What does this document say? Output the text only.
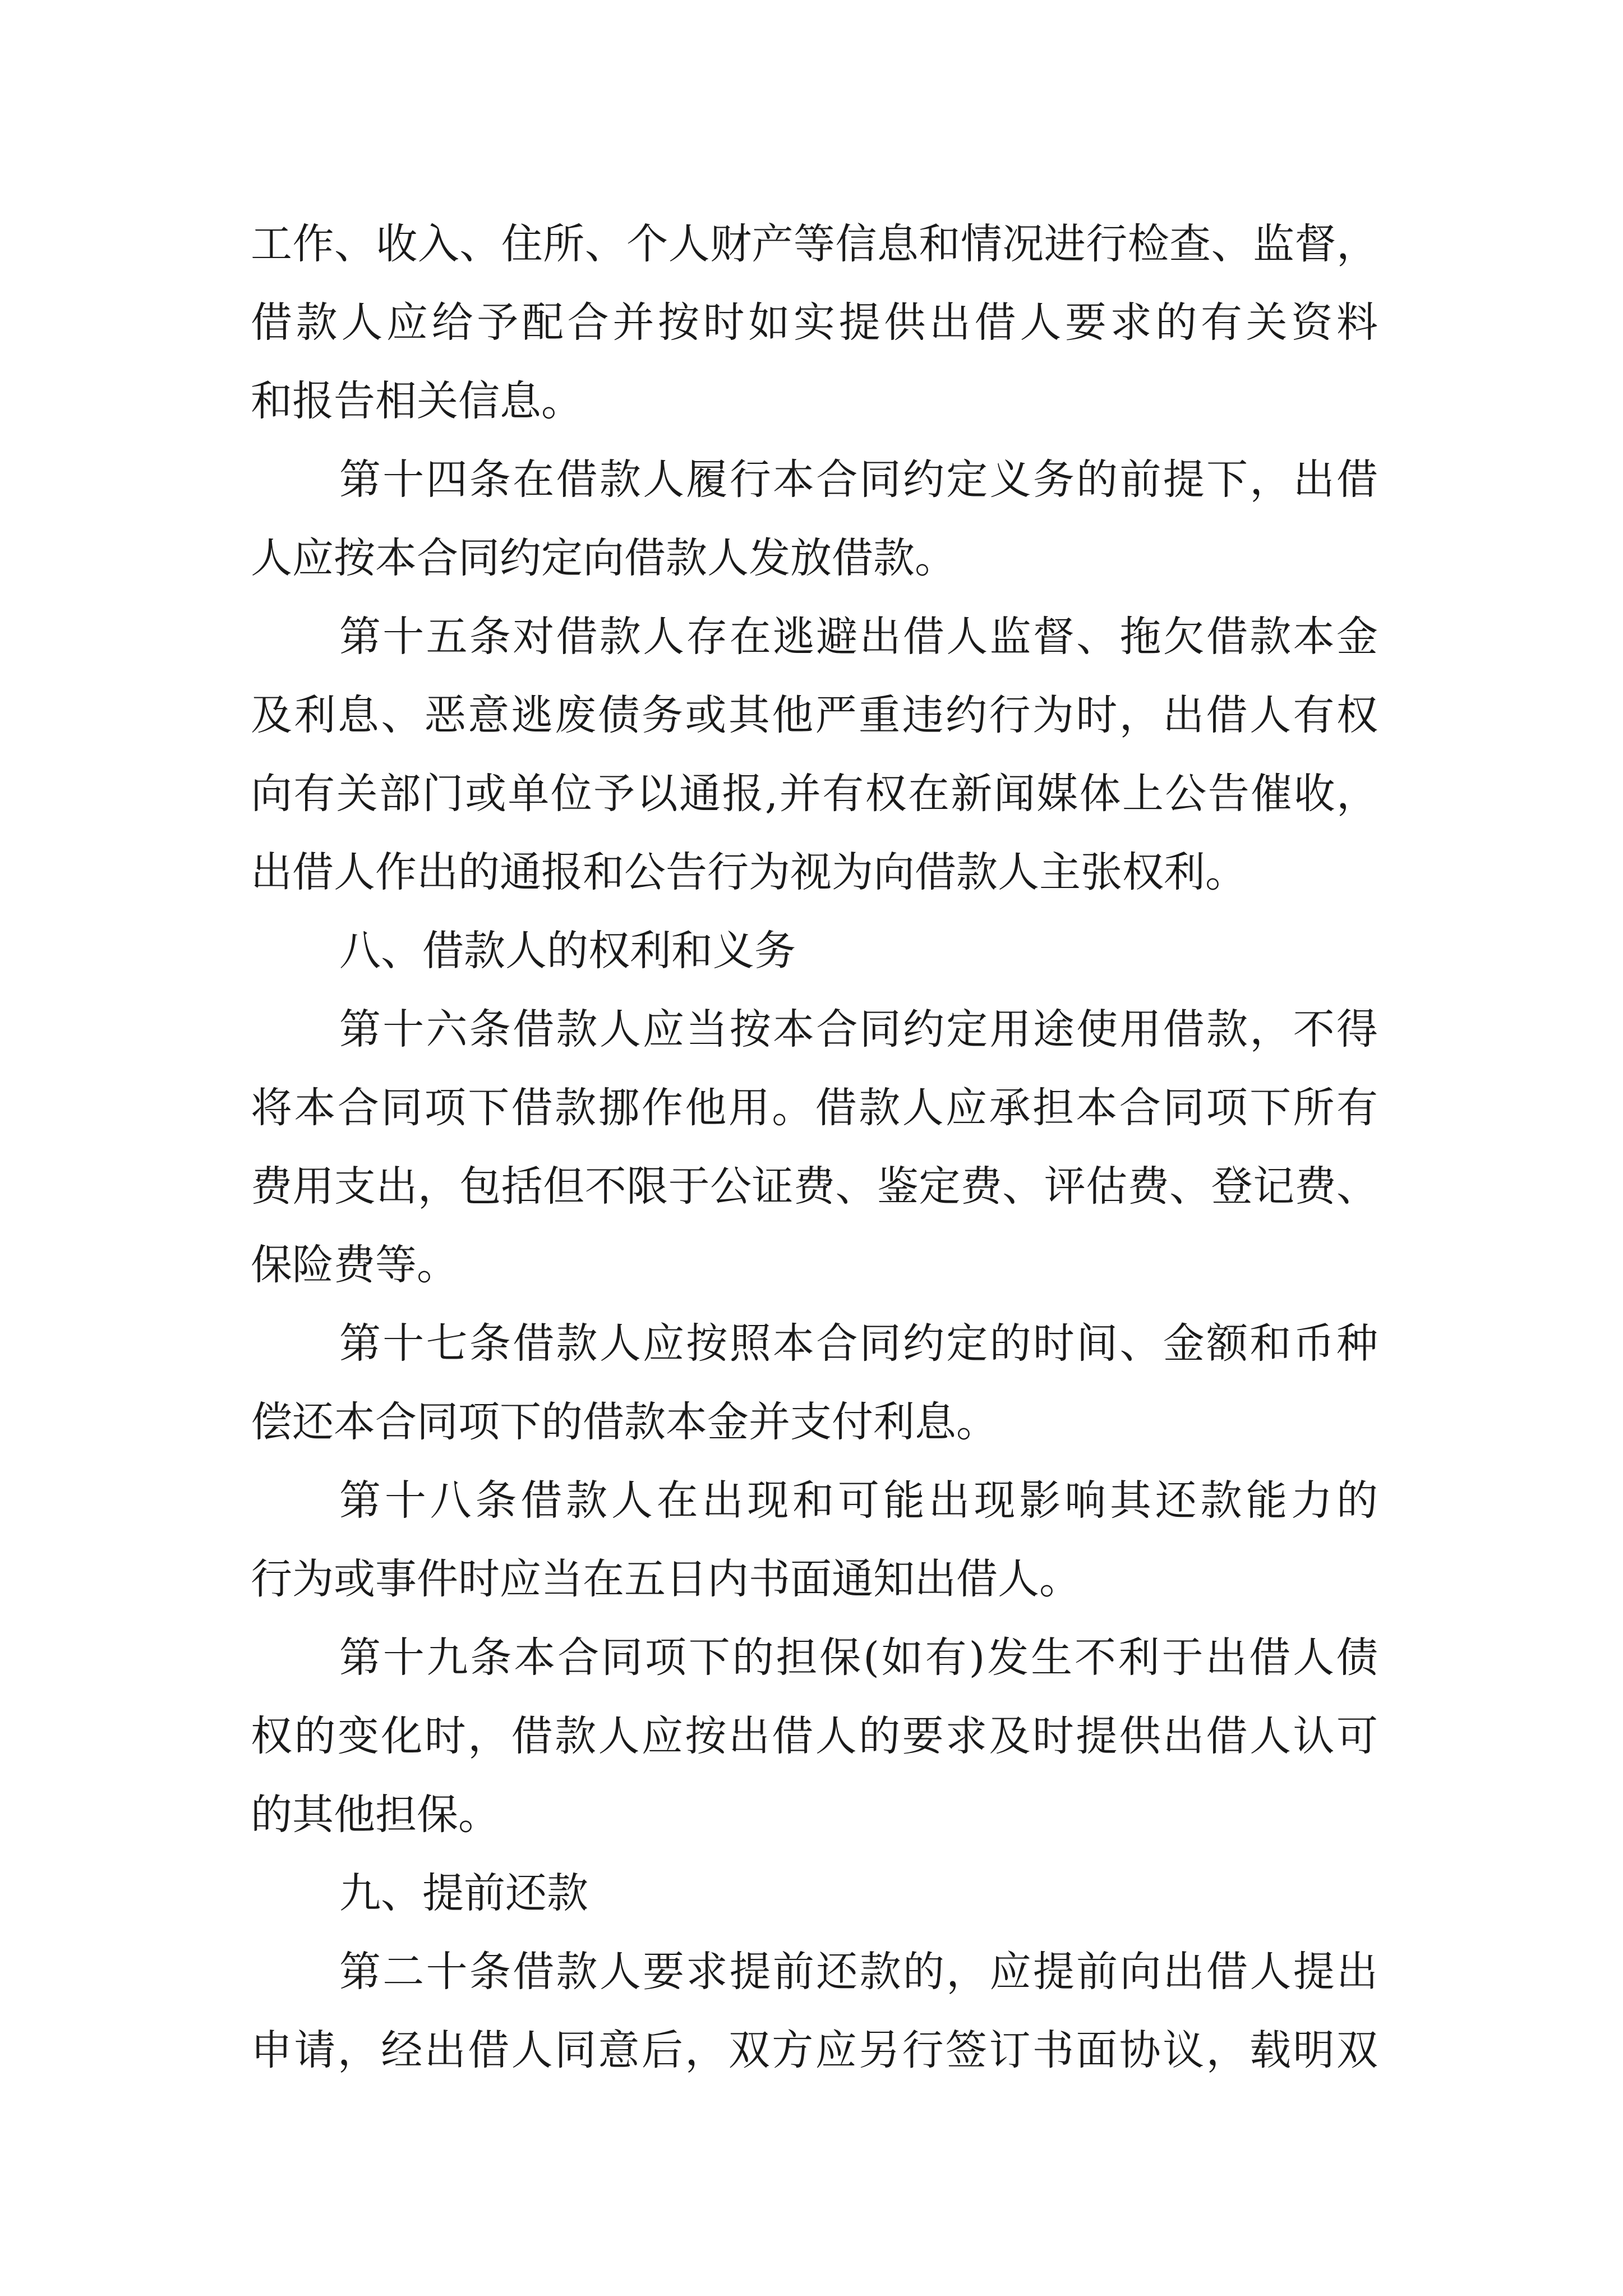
工作、收入、住所、个人财产等信息和情况进行检查、监督，
借款人应给予配合并按时如实提供出借人要求的有关资料
和报告相关信息。
第十四条在借款人履行本合同约定义务的前提下，出借
人应按本合同约定向借款人发放借款。
第十五条对借款人存在逃避出借人监督、拖欠借款本金
及利息、恶意逃废债务或其他严重违约行为时，出借人有权
向有关部门或单位予以通报,并有权在新闻媒体上公告催收，
出借人作出的通报和公告行为视为向借款人主张权利。
八、借款人的权利和义务
第十六条借款人应当按本合同约定用途使用借款，不得
将本合同项下借款挪作他用。借款人应承担本合同项下所有
费用支出，包括但不限于公证费、鉴定费、评估费、登记费、
保险费等。
第十七条借款人应按照本合同约定的时间、金额和币种
偿还本合同项下的借款本金并支付利息。
第十八条借款人在出现和可能出现影响其还款能力的
行为或事件时应当在五日内书面通知出借人。
第十九条本合同项下的担保(如有)发生不利于出借人债
权的变化时，借款人应按出借人的要求及时提供出借人认可
的其他担保。
九、提前还款
第二十条借款人要求提前还款的，应提前向出借人提出
申请，经出借人同意后，双方应另行签订书面协议，载明双
